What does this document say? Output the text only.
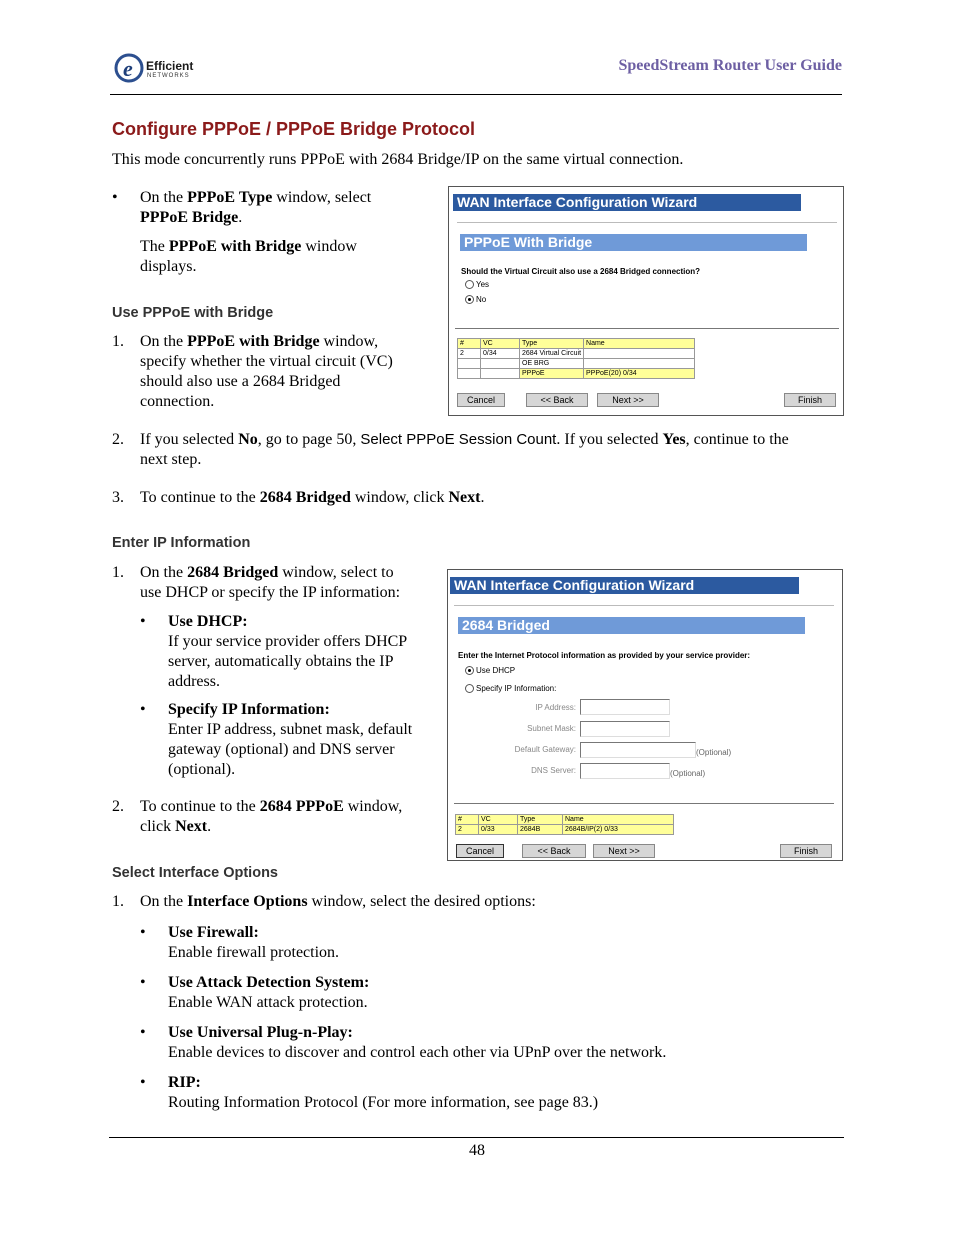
e Efficient
NETWORKS
SpeedStream Router User Guide
Configure PPPoE / PPPoE Bridge Protocol
This mode concurrently runs PPPoE with 2684 Bridge/IP on the same virtual connection.
• On the PPPoE Type window, select
PPPoE Bridge.
The PPPoE with Bridge window
displays.
Use PPPoE with Bridge
1. On the PPPoE with Bridge window,
specify whether the virtual circuit (VC)
should also use a 2684 Bridged
connection.
WAN Interface Configuration Wizard
PPPoE With Bridge
Should the Virtual Circuit also use a 2684 Bridged connection?
Yes
No
#	VC	Type	Name
2	0/34	2684 Virtual Circuit	
		OE BRG	
		PPPoE	PPPoE(20) 0/34
Cancel	<< Back	Next >>	Finish
2. If you selected No, go to page 50, Select PPPoE Session Count. If you selected Yes, continue to the
next step.
3. To continue to the 2684 Bridged window, click Next.
Enter IP Information
1. On the 2684 Bridged window, select to
use DHCP or specify the IP information:
• Use DHCP:
If your service provider offers DHCP
server, automatically obtains the IP
address.
• Specify IP Information:
Enter IP address, subnet mask, default
gateway (optional) and DNS server
(optional).
2. To continue to the 2684 PPPoE window,
click Next.
WAN Interface Configuration Wizard
2684 Bridged
Enter the Internet Protocol information as provided by your service provider:
Use DHCP
Specify IP Information:
IP Address:
Subnet Mask:
Default Gateway:	(Optional)
DNS Server:	(Optional)
#	VC	Type	Name
2	0/33	2684B	2684B/IP(2) 0/33
Cancel	<< Back	Next >>	Finish
Select Interface Options
1. On the Interface Options window, select the desired options:
• Use Firewall:
Enable firewall protection.
• Use Attack Detection System:
Enable WAN attack protection.
• Use Universal Plug-n-Play:
Enable devices to discover and control each other via UPnP over the network.
• RIP:
Routing Information Protocol (For more information, see page 83.)
48
